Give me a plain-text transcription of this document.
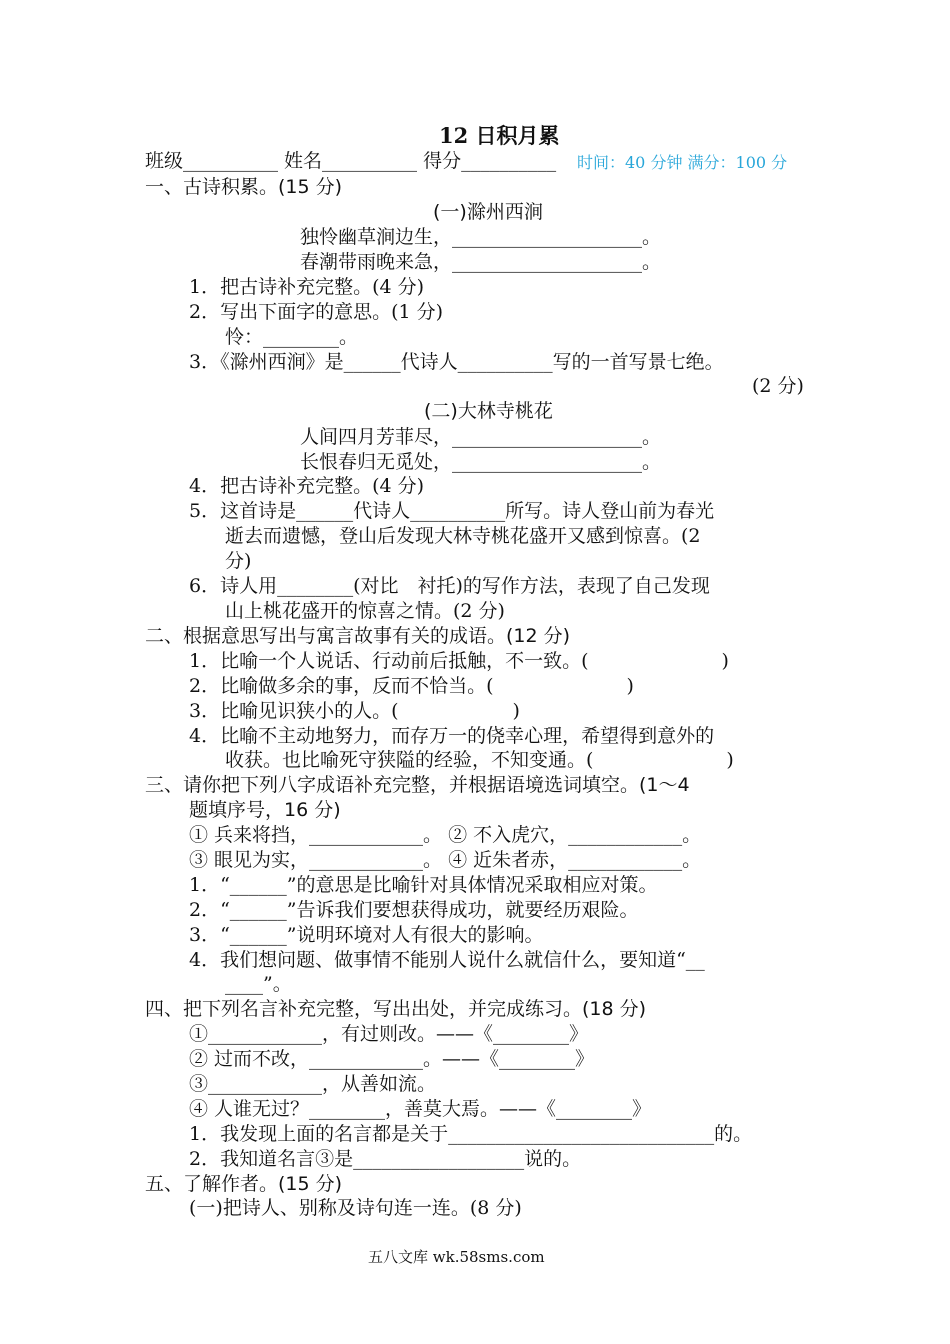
12 日积月累
班级__________ 姓名__________ 得分__________ 时间：40 分钟 满分：100 分
一、古诗积累。(15 分)
(一)滁州西涧
独怜幽草涧边生，____________________。
春潮带雨晚来急，____________________。
1．把古诗补充完整。(4 分)
2．写出下面字的意思。(1 分)
怜：________。
3．《滁州西涧》是______代诗人__________写的一首写景七绝。
(2 分)
(二)大林寺桃花
人间四月芳菲尽，____________________。
长恨春归无觅处，____________________。
4．把古诗补充完整。(4 分)
5．这首诗是______代诗人__________所写。诗人登山前为春光
逝去而遗憾，登山后发现大林寺桃花盛开又感到惊喜。(2
分)
6．诗人用________(对比　衬托)的写作方法，表现了自己发现
山上桃花盛开的惊喜之情。(2 分)
二、根据意思写出与寓言故事有关的成语。(12 分)
1．比喻一个人说话、行动前后抵触，不一致。(　　　　　　　)
2．比喻做多余的事，反而不恰当。(　　　　　　　)
3．比喻见识狭小的人。(　　　　　　)
4．比喻不主动地努力，而存万一的侥幸心理，希望得到意外的
收获。也比喻死守狭隘的经验，不知变通。(　　　　　　　)
三、请你把下列八字成语补充完整，并根据语境选词填空。(1～4
题填序号，16 分)
① 兵来将挡，____________。 ② 不入虎穴，____________。
③ 眼见为实，____________。 ④ 近朱者赤，____________。
1．“______”的意思是比喻针对具体情况采取相应对策。
2．“______”告诉我们要想获得成功，就要经历艰险。
3．“______”说明环境对人有很大的影响。
4．我们想问题、做事情不能别人说什么就信什么，要知道“__
____”。
四、把下列名言补充完整，写出出处，并完成练习。(18 分)
①____________，有过则改。——《________》
② 过而不改，____________。——《________》
③____________，从善如流。
④ 人谁无过？________，善莫大焉。——《________》
1．我发现上面的名言都是关于____________________________的。
2．我知道名言③是__________________说的。
五、了解作者。(15 分)
(一)把诗人、别称及诗句连一连。(8 分)
五八文库 wk.58sms.com
